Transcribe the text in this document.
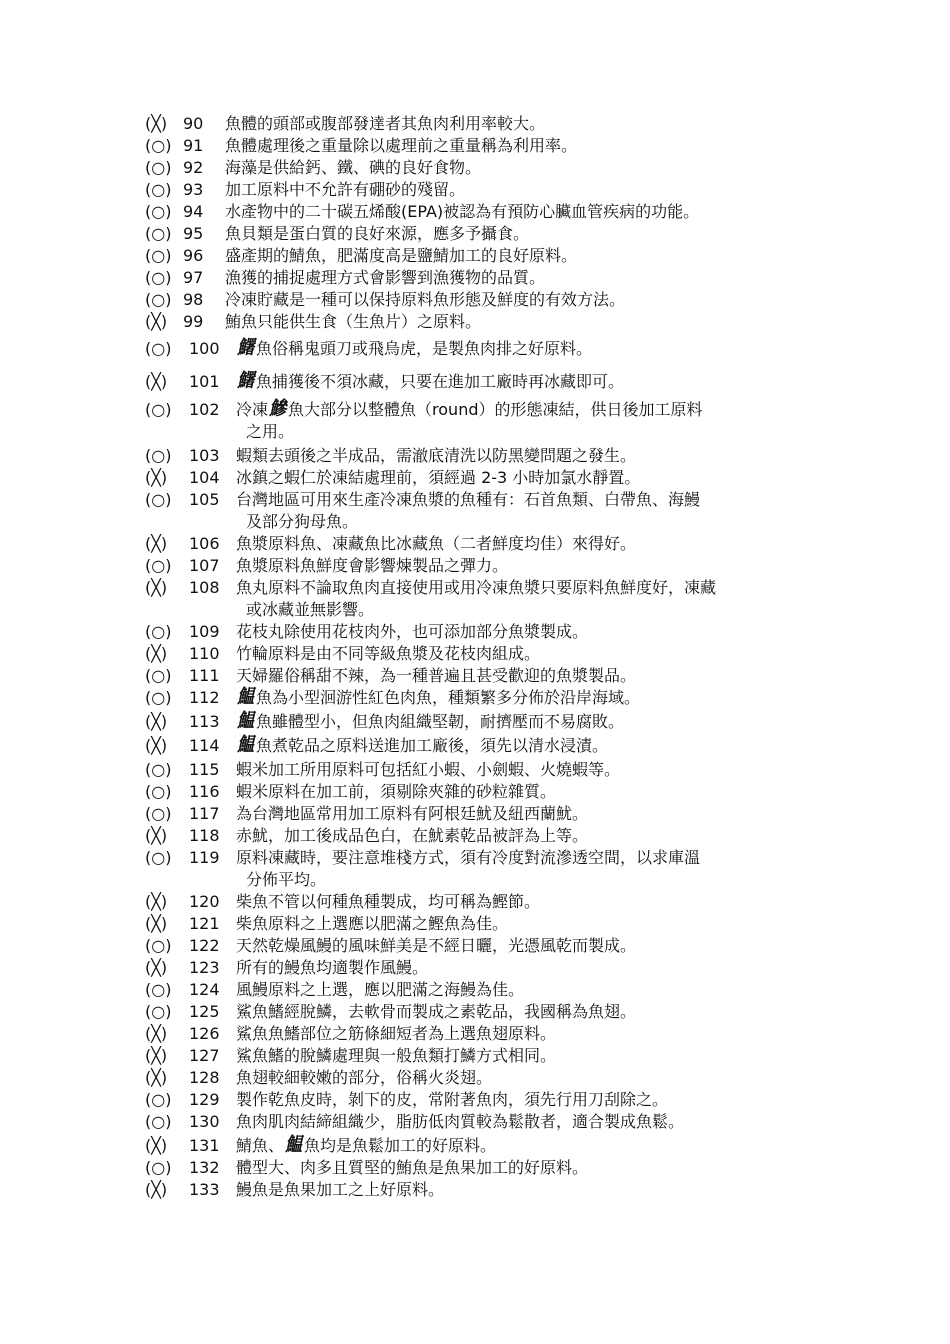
(╳) 90 魚體的頭部或腹部發達者其魚肉利用率較大。
(○) 91 魚體處理後之重量除以處理前之重量稱為利用率。
(○) 92 海藻是供給鈣、鐵、碘的良好食物。
(○) 93 加工原料中不允許有硼砂的殘留。
(○) 94 水產物中的二十碳五烯酸(EPA)被認為有預防心臟血管疾病的功能。
(○) 95 魚貝類是蛋白質的良好來源，應多予攝食。
(○) 96 盛產期的鯖魚，肥滿度高是鹽鯖加工的良好原料。
(○) 97 漁獲的捕捉處理方式會影響到漁獲物的品質。
(○) 98 冷凍貯藏是一種可以保持原料魚形態及鮮度的有效方法。
(╳) 99 鮪魚只能供生食（生魚片）之原料。
(○) 100 鱰 魚俗稱鬼頭刀或飛烏虎，是製魚肉排之好原料。
(╳) 101 鱰 魚捕獲後不須冰藏，只要在進加工廠時再冰藏即可。
(○) 102 冷凍鰺 魚大部分以整體魚（round）的形態凍結，供日後加工原料
之用。
(○) 103 蝦類去頭後之半成品，需澈底清洗以防黑變問題之發生。
(╳) 104 冰鎮之蝦仁於凍結處理前，須經過 2-3 小時加氯水靜置。
(○) 105 台灣地區可用來生產冷凍魚漿的魚種有：石首魚類、白帶魚、海鰻
及部分狗母魚。
(╳) 106 魚漿原料魚、凍藏魚比冰藏魚（二者鮮度均佳）來得好。
(○) 107 魚漿原料魚鮮度會影響煉製品之彈力。
(╳) 108 魚丸原料不論取魚肉直接使用或用冷凍魚漿只要原料魚鮮度好，凍藏
或冰藏並無影響。
(○) 109 花枝丸除使用花枝肉外，也可添加部分魚漿製成。
(╳) 110 竹輪原料是由不同等級魚漿及花枝肉組成。
(○) 111 天婦羅俗稱甜不辣，為一種普遍且甚受歡迎的魚漿製品。
(○) 112 鰛 魚為小型洄游性紅色肉魚，種類繁多分佈於沿岸海域。
(╳) 113 鰛 魚雖體型小，但魚肉組織堅韌，耐擠壓而不易腐敗。
(╳) 114 鰛 魚煮乾品之原料送進加工廠後，須先以清水浸漬。
(○) 115 蝦米加工所用原料可包括紅小蝦、小劍蝦、火燒蝦等。
(○) 116 蝦米原料在加工前，須剔除夾雜的砂粒雜質。
(○) 117 為台灣地區常用加工原料有阿根廷魷及紐西蘭魷。
(╳) 118 赤魷，加工後成品色白，在魷素乾品被評為上等。
(○) 119 原料凍藏時，要注意堆棧方式，須有冷度對流滲透空間，以求庫溫
分佈平均。
(╳) 120 柴魚不管以何種魚種製成，均可稱為鰹節。
(╳) 121 柴魚原料之上選應以肥滿之鰹魚為佳。
(○) 122 天然乾燥風鰻的風味鮮美是不經日曬，光憑風乾而製成。
(╳) 123 所有的鰻魚均適製作風鰻。
(○) 124 風鰻原料之上選，應以肥滿之海鰻為佳。
(○) 125 鯊魚鰭經脫鱗，去軟骨而製成之素乾品，我國稱為魚翅。
(╳) 126 鯊魚魚鰭部位之筋條細短者為上選魚翅原料。
(╳) 127 鯊魚鰭的脫鱗處理與一般魚類打鱗方式相同。
(╳) 128 魚翅較細較嫩的部分，俗稱火炎翅。
(○) 129 製作乾魚皮時，剝下的皮，常附著魚肉，須先行用刀刮除之。
(○) 130 魚肉肌肉結締組織少，脂肪低肉質較為鬆散者，適合製成魚鬆。
(╳) 131 鯖魚、鰛 魚均是魚鬆加工的好原料。
(○) 132 體型大、肉多且質堅的鮪魚是魚果加工的好原料。
(╳) 133 鰻魚是魚果加工之上好原料。
